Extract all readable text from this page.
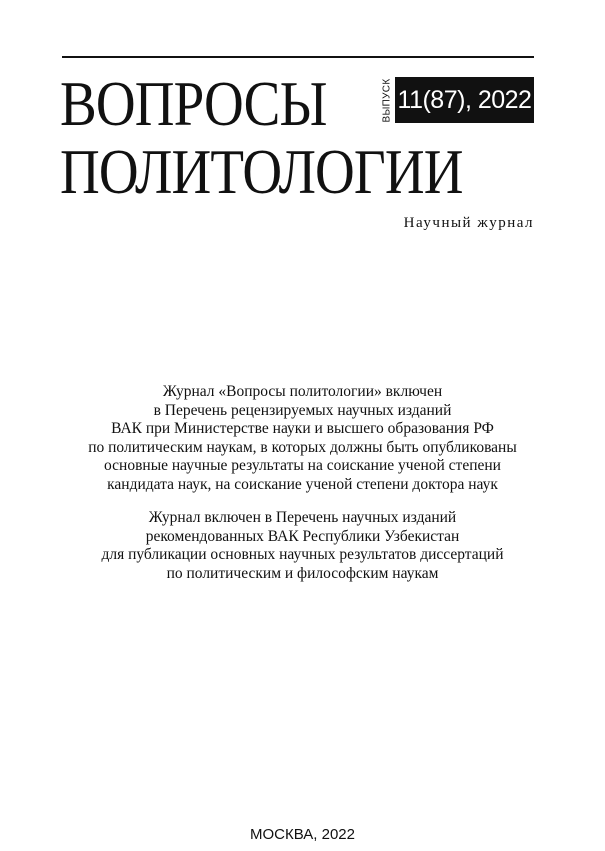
ВОПРОСЫ	ВЫПУСК 11(87), 2022
ПОЛИТОЛОГИИ
Научный журнал
Журнал «Вопросы политологии» включен
в Перечень рецензируемых научных изданий
ВАК при Министерстве науки и высшего образования РФ
по политическим наукам, в которых должны быть опубликованы
основные научные результаты на соискание ученой степени
кандидата наук, на соискание ученой степени доктора наук
Журнал включен в Перечень научных изданий
рекомендованных ВАК Республики Узбекистан
для публикации основных научных результатов диссертаций
по политическим и философским наукам
МОСКВА, 2022
